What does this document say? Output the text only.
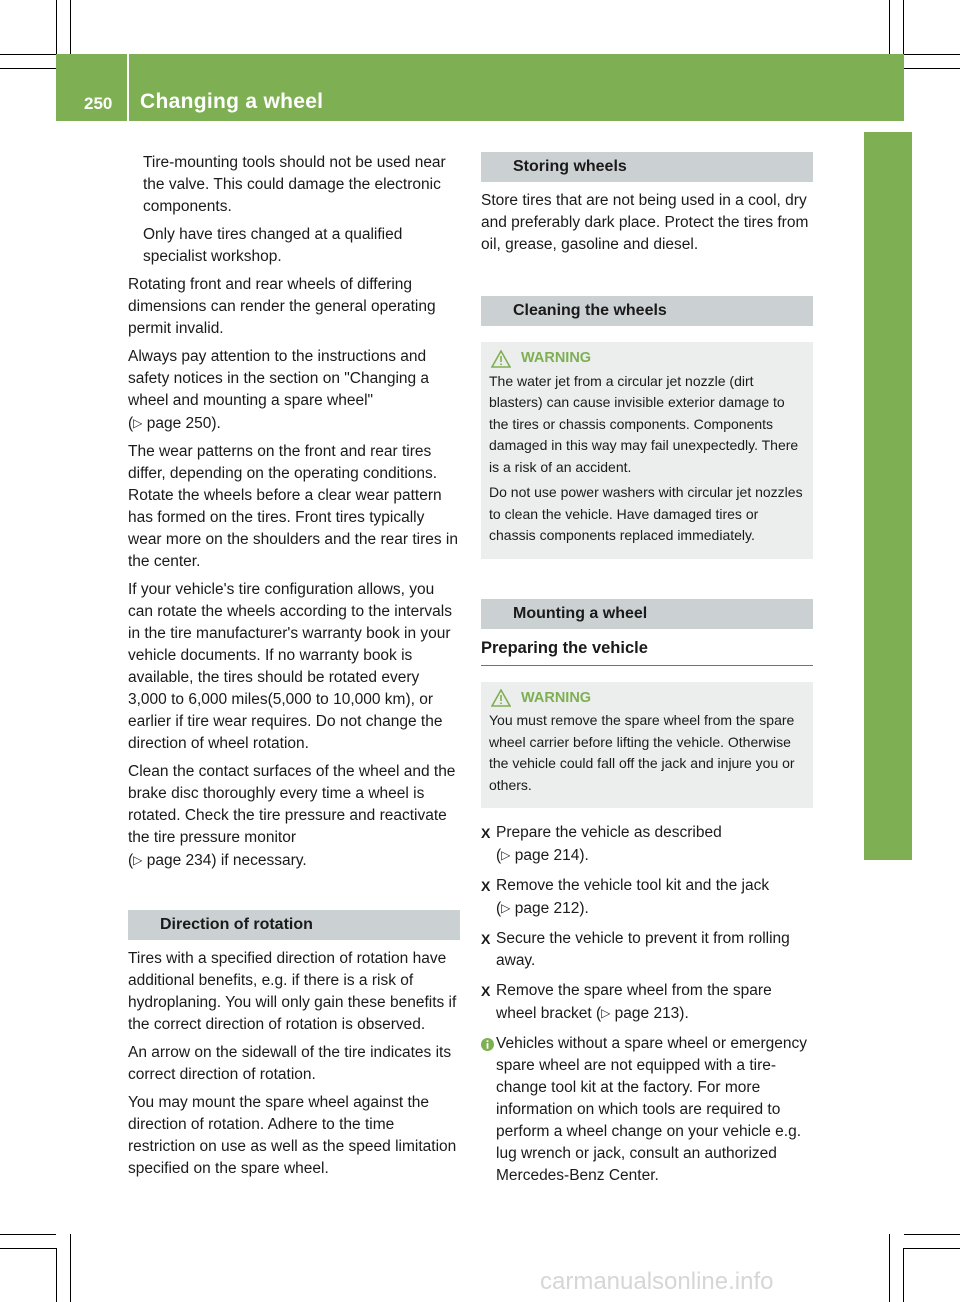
250 Changing a wheel
Wheels and tires

Tire-mounting tools should not be used near the valve. This could damage the electronic components.

Only have tires changed at a qualified specialist workshop.

Rotating front and rear wheels of differing dimensions can render the general operating permit invalid.

Always pay attention to the instructions and safety notices in the section on "Changing a wheel and mounting a spare wheel"
(▷ page 250).

The wear patterns on the front and rear tires differ, depending on the operating conditions. Rotate the wheels before a clear wear pattern has formed on the tires. Front tires typically wear more on the shoulders and the rear tires in the center.

If your vehicle's tire configuration allows, you can rotate the wheels according to the intervals in the tire manufacturer's warranty book in your vehicle documents. If no warranty book is available, the tires should be rotated every 3,000 to 6,000 miles(5,000 to 10,000 km), or earlier if tire wear requires. Do not change the direction of wheel rotation.

Clean the contact surfaces of the wheel and the brake disc thoroughly every time a wheel is rotated. Check the tire pressure and reactivate the tire pressure monitor
(▷ page 234) if necessary.

Direction of rotation

Tires with a specified direction of rotation have additional benefits, e.g. if there is a risk of hydroplaning. You will only gain these benefits if the correct direction of rotation is observed.

An arrow on the sidewall of the tire indicates its correct direction of rotation.

You may mount the spare wheel against the direction of rotation. Adhere to the time restriction on use as well as the speed limitation specified on the spare wheel.

Storing wheels

Store tires that are not being used in a cool, dry and preferably dark place. Protect the tires from oil, grease, gasoline and diesel.

Cleaning the wheels
WARNING

The water jet from a circular jet nozzle (dirt blasters) can cause invisible exterior damage to the tires or chassis components. Components damaged in this way may fail unexpectedly. There is a risk of an accident.

Do not use power washers with circular jet nozzles to clean the vehicle. Have damaged tires or chassis components replaced immediately.

Mounting a wheel
Preparing the vehicle
WARNING

You must remove the spare wheel from the spare wheel carrier before lifting the vehicle. Otherwise the vehicle could fall off the jack and injure you or others.

X Prepare the vehicle as described
(▷ page 214).
X Remove the vehicle tool kit and the jack
(▷ page 212).
X Secure the vehicle to prevent it from rolling away.
X Remove the spare wheel from the spare wheel bracket (▷ page 213).
Vehicles without a spare wheel or emergency spare wheel are not equipped with a tire-change tool kit at the factory. For more information on which tools are required to perform a wheel change on your vehicle e.g. lug wrench or jack, consult an authorized Mercedes-Benz Center.
carmanualsonline.info
